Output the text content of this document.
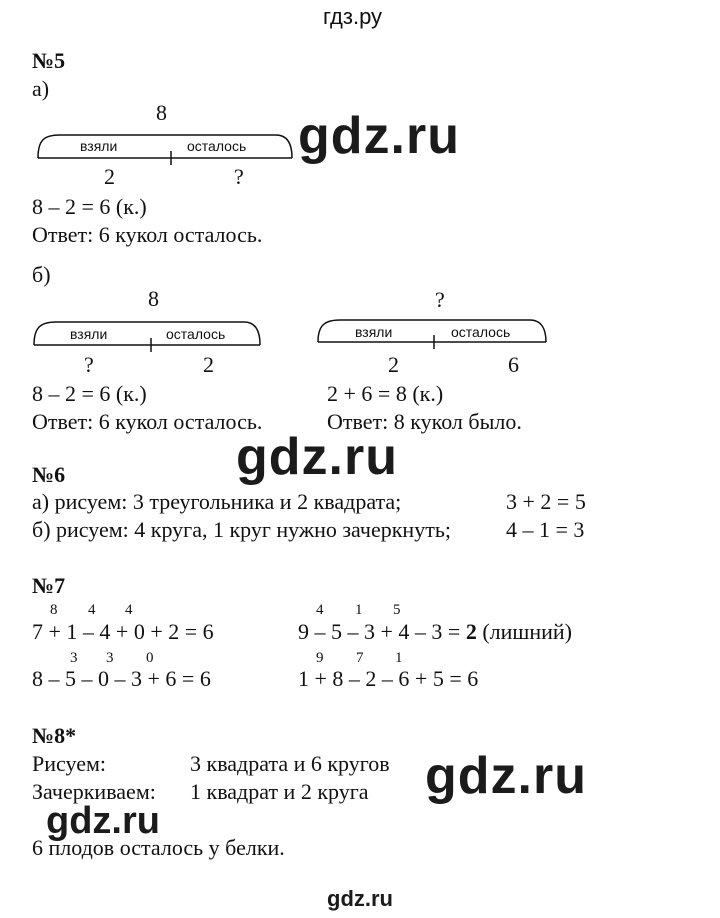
гдз.ру
№5
а)
8
взяли	осталось
2	?
8 – 2 = 6 (к.)
Ответ: 6 кукол осталось.
gdz.ru
б)
8
взяли	осталось
?	2
?
взяли	осталось
2	6
8 – 2 = 6 (к.)	2 + 6 = 8 (к.)
Ответ: 6 кукол осталось.	Ответ: 8 кукол было.
gdz.ru
№6
а) рисуем: 3 треугольника и 2 квадрата;	3 + 2 = 5
б) рисуем: 4 круга, 1 круг нужно зачеркнуть;	4 – 1 = 3
№7
8 4 4
7 + 1 – 4 + 0 + 2 = 6
4 1 5
9 – 5 – 3 + 4 – 3 = 2 (лишний)
3 3 0
8 – 5 – 0 – 3 + 6 = 6
9 7 1
1 + 8 – 2 – 6 + 5 = 6
№8*
Рисуем:	3 квадрата и 6 кругов
Зачеркиваем: 1 квадрат и 2 круга gdz.ru
gdz.ru
6 плодов осталось у белки.
gdz.ru
